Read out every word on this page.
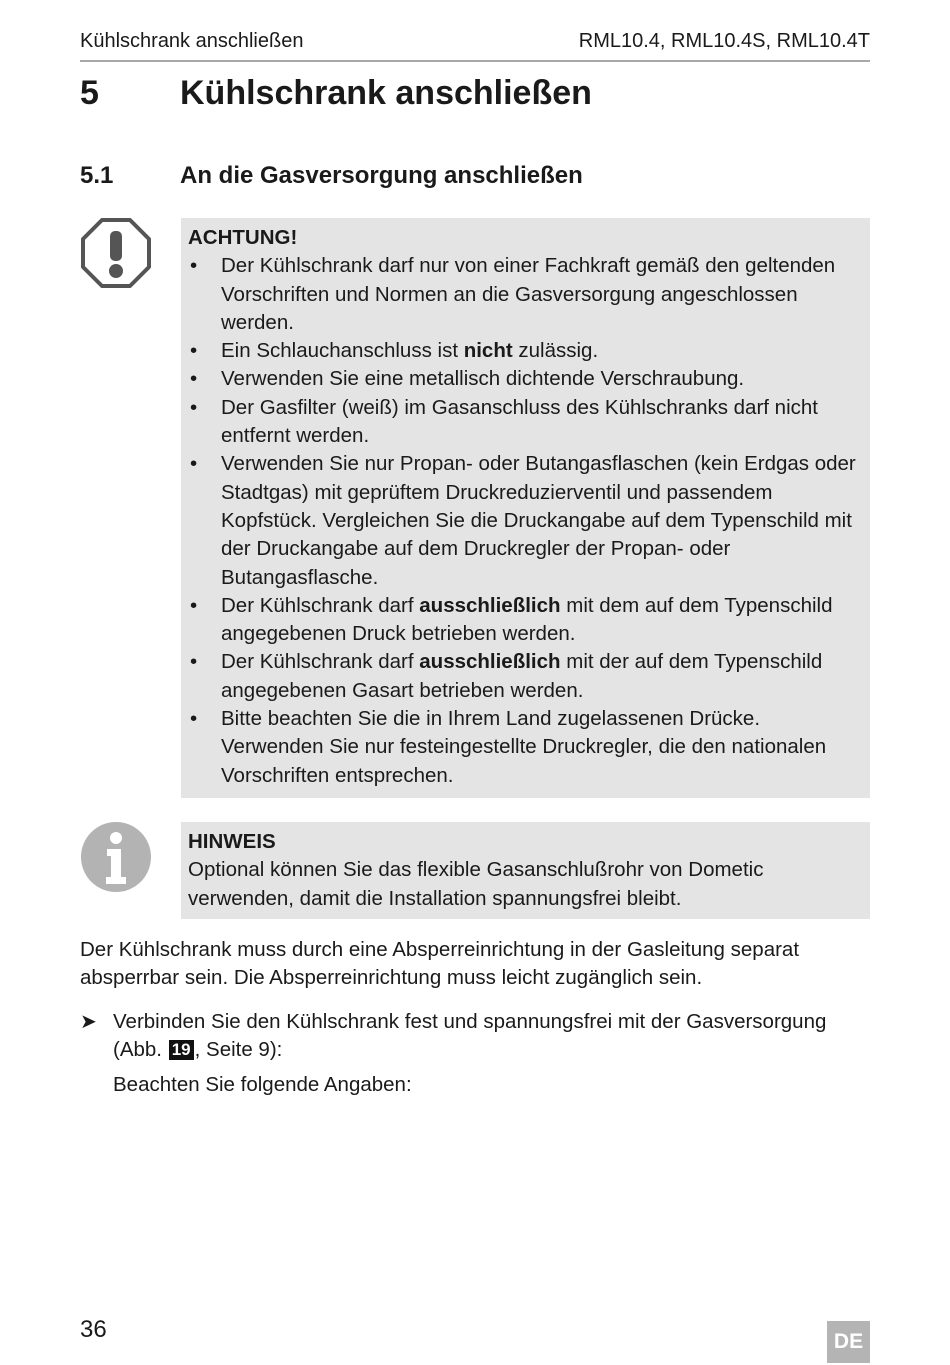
Kühlschrank anschließen	RML10.4, RML10.4S, RML10.4T
5 Kühlschrank anschließen
5.1	An die Gasversorgung anschließen
ACHTUNG!
• Der Kühlschrank darf nur von einer Fachkraft gemäß den geltenden Vorschriften und Normen an die Gasversorgung angeschlossen werden.
• Ein Schlauchanschluss ist nicht zulässig.
• Verwenden Sie eine metallisch dichtende Verschraubung.
• Der Gasfilter (weiß) im Gasanschluss des Kühlschranks darf nicht entfernt werden.
• Verwenden Sie nur Propan- oder Butangasflaschen (kein Erdgas oder Stadtgas) mit geprüftem Druckreduzierventil und passendem Kopfstück. Vergleichen Sie die Druckangabe auf dem Typenschild mit der Druckangabe auf dem Druckregler der Propan- oder Butangasflasche.
• Der Kühlschrank darf ausschließlich mit dem auf dem Typenschild angegebenen Druck betrieben werden.
• Der Kühlschrank darf ausschließlich mit der auf dem Typenschild angegebenen Gasart betrieben werden.
• Bitte beachten Sie die in Ihrem Land zugelassenen Drücke. Verwenden Sie nur festeingestellte Druckregler, die den nationalen Vorschriften entsprechen.
HINWEIS
Optional können Sie das flexible Gasanschlußrohr von Dometic verwenden, damit die Installation spannungsfrei bleibt.
Der Kühlschrank muss durch eine Absperreinrichtung in der Gasleitung separat absperrbar sein. Die Absperreinrichtung muss leicht zugänglich sein.
➤ Verbinden Sie den Kühlschrank fest und spannungsfrei mit der Gasversorgung (Abb. 19 , Seite 9):
Beachten Sie folgende Angaben:
36	DE
